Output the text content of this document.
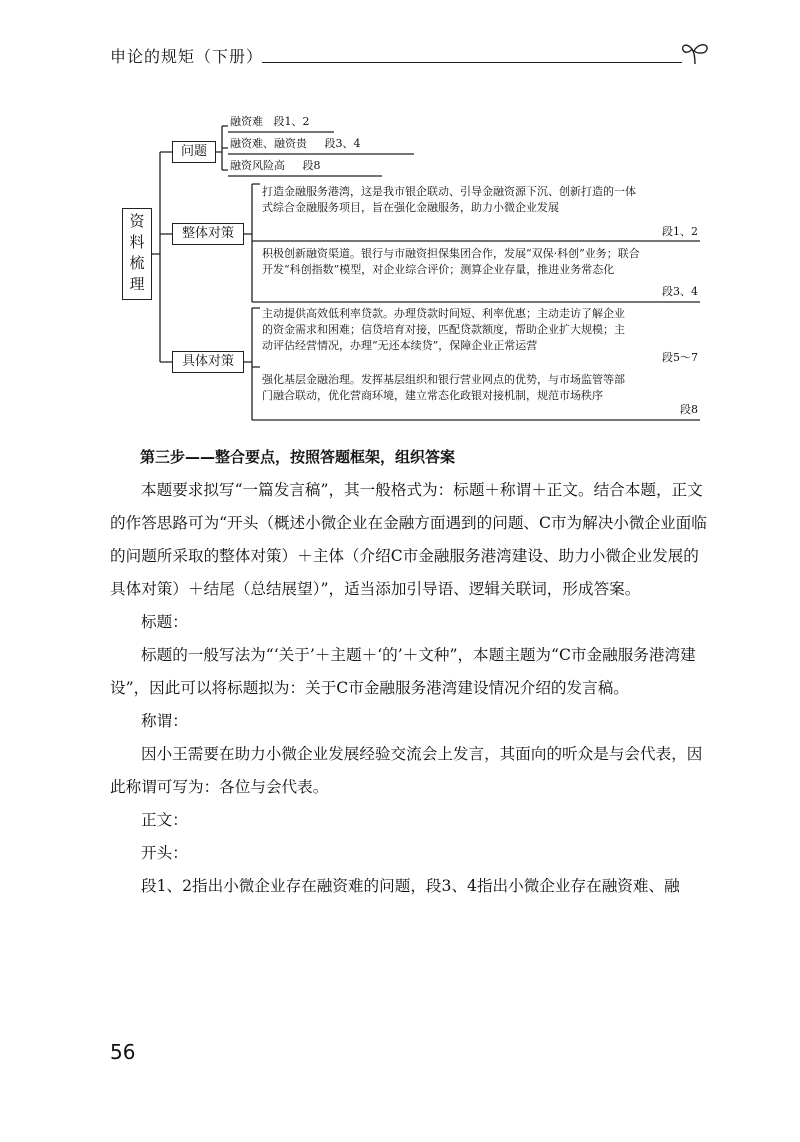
申论的规矩（下册）
资
料
梳
理
问题
整体对策
具体对策
融资难 段1、2
融资难、融资贵 段3、4
融资风险高 段8
打造金融服务港湾，这是我市银企联动、引导金融资源下沉、创新打造的一体式综合金融服务项目，旨在强化金融服务，助力小微企业发展
段1、2
积极创新融资渠道。银行与市融资担保集团合作，发展“双保·科创”业务；联合开发“科创指数”模型，对企业综合评价；测算企业存量，推进业务常态化
段3、4
主动提供高效低利率贷款。办理贷款时间短、利率优惠；主动走访了解企业的资金需求和困难；信贷培育对接，匹配贷款额度，帮助企业扩大规模；主动评估经营情况，办理“无还本续贷”，保障企业正常运营
段5～7
强化基层金融治理。发挥基层组织和银行营业网点的优势，与市场监管等部门融合联动，优化营商环境，建立常态化政银对接机制，规范市场秩序
段8
第三步——整合要点，按照答题框架，组织答案

本题要求拟写“一篇发言稿”，其一般格式为：标题＋称谓＋正文。结合本题，正文的作答思路可为“开头（概述小微企业在金融方面遇到的问题、C市为解决小微企业面临的问题所采取的整体对策）＋主体（介绍C市金融服务港湾建设、助力小微企业发展的具体对策）＋结尾（总结展望）”，适当添加引导语、逻辑关联词，形成答案。

标题：

标题的一般写法为“‘关于’＋主题＋‘的’＋文种”，本题主题为“C市金融服务港湾建设”，因此可以将标题拟为：关于C市金融服务港湾建设情况介绍的发言稿。

称谓：

因小王需要在助力小微企业发展经验交流会上发言，其面向的听众是与会代表，因此称谓可写为：各位与会代表。

正文：

开头：

段1、2指出小微企业存在融资难的问题，段3、4指出小微企业存在融资难、融

56
